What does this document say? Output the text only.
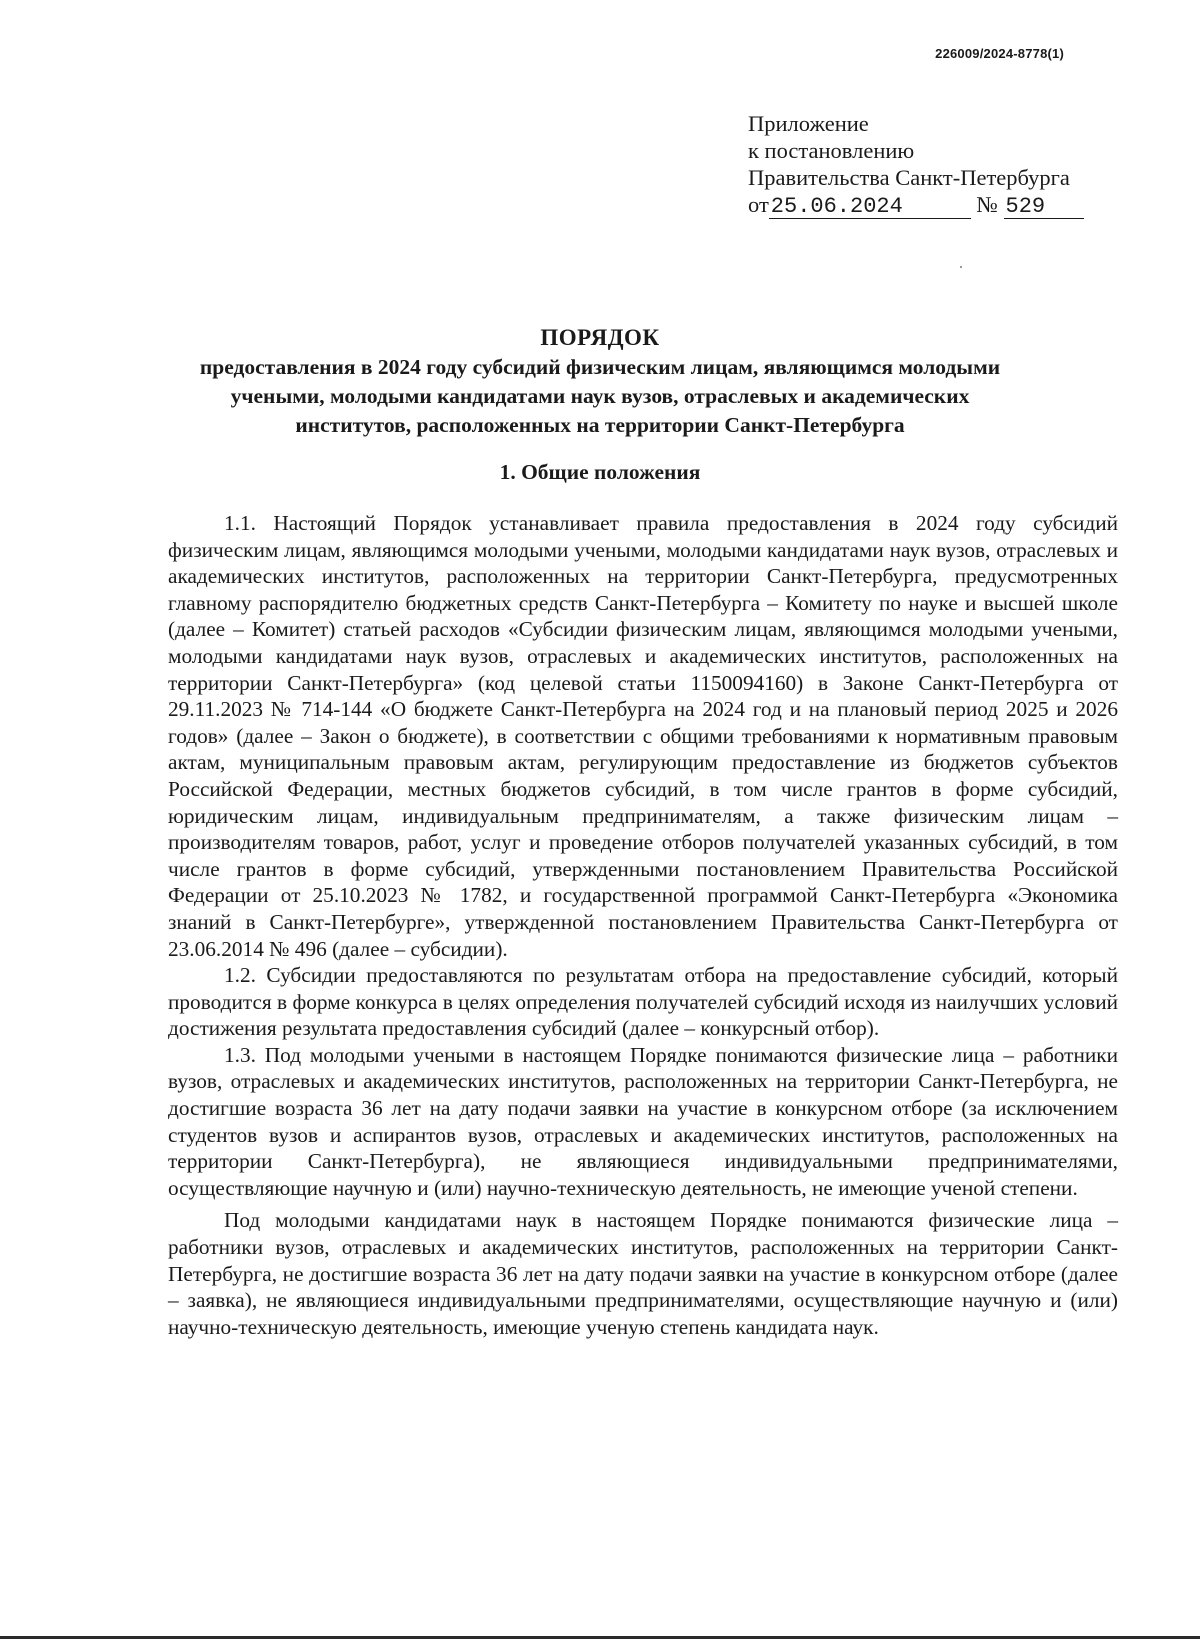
226009/2024-8778(1)
Приложение
к постановлению
Правительства Санкт-Петербурга
от25.06.2024	№ 529
ПОРЯДОК
предоставления в 2024 году субсидий физическим лицам, являющимся молодыми
учеными, молодыми кандидатами наук вузов, отраслевых и академических
институтов, расположенных на территории Санкт-Петербурга
1. Общие положения

1.1. Настоящий Порядок устанавливает правила предоставления в 2024 году субсидий физическим лицам, являющимся молодыми учеными, молодыми кандидатами наук вузов, отраслевых и академических институтов, расположенных на территории Санкт-Петербурга, предусмотренных главному распорядителю бюджетных средств Санкт-Петербурга – Комитету по науке и высшей школе (далее – Комитет) статьей расходов «Субсидии физическим лицам, являющимся молодыми учеными, молодыми кандидатами наук вузов, отраслевых и академических институтов, расположенных на территории Санкт-Петербурга» (код целевой статьи 1150094160) в Законе Санкт-Петербурга от 29.11.2023 № 714-144 «О бюджете Санкт-Петербурга на 2024 год и на плановый период 2025 и 2026 годов» (далее – Закон о бюджете), в соответствии с общими требованиями к нормативным правовым актам, муниципальным правовым актам, регулирующим предоставление из бюджетов субъектов Российской Федерации, местных бюджетов субсидий, в том числе грантов в форме субсидий, юридическим лицам, индивидуальным предпринимателям, а также физическим лицам – производителям товаров, работ, услуг и проведение отборов получателей указанных субсидий, в том числе грантов в форме субсидий, утвержденными постановлением Правительства Российской Федерации от 25.10.2023 № 1782, и государственной программой Санкт-Петербурга «Экономика знаний в Санкт-Петербурге», утвержденной постановлением Правительства Санкт-Петербурга от 23.06.2014 № 496 (далее – субсидии).

1.2. Субсидии предоставляются по результатам отбора на предоставление субсидий, который проводится в форме конкурса в целях определения получателей субсидий исходя из наилучших условий достижения результата предоставления субсидий (далее – конкурсный отбор).

1.3. Под молодыми учеными в настоящем Порядке понимаются физические лица – работники вузов, отраслевых и академических институтов, расположенных на территории Санкт-Петербурга, не достигшие возраста 36 лет на дату подачи заявки на участие в конкурсном отборе (за исключением студентов вузов и аспирантов вузов, отраслевых и академических институтов, расположенных на территории Санкт-Петербурга), не являющиеся индивидуальными предпринимателями, осуществляющие научную и (или) научно-техническую деятельность, не имеющие ученой степени.

Под молодыми кандидатами наук в настоящем Порядке понимаются физические лица – работники вузов, отраслевых и академических институтов, расположенных на территории Санкт-Петербурга, не достигшие возраста 36 лет на дату подачи заявки на участие в конкурсном отборе (далее – заявка), не являющиеся индивидуальными предпринимателями, осуществляющие научную и (или) научно-техническую деятельность, имеющие ученую степень кандидата наук.
